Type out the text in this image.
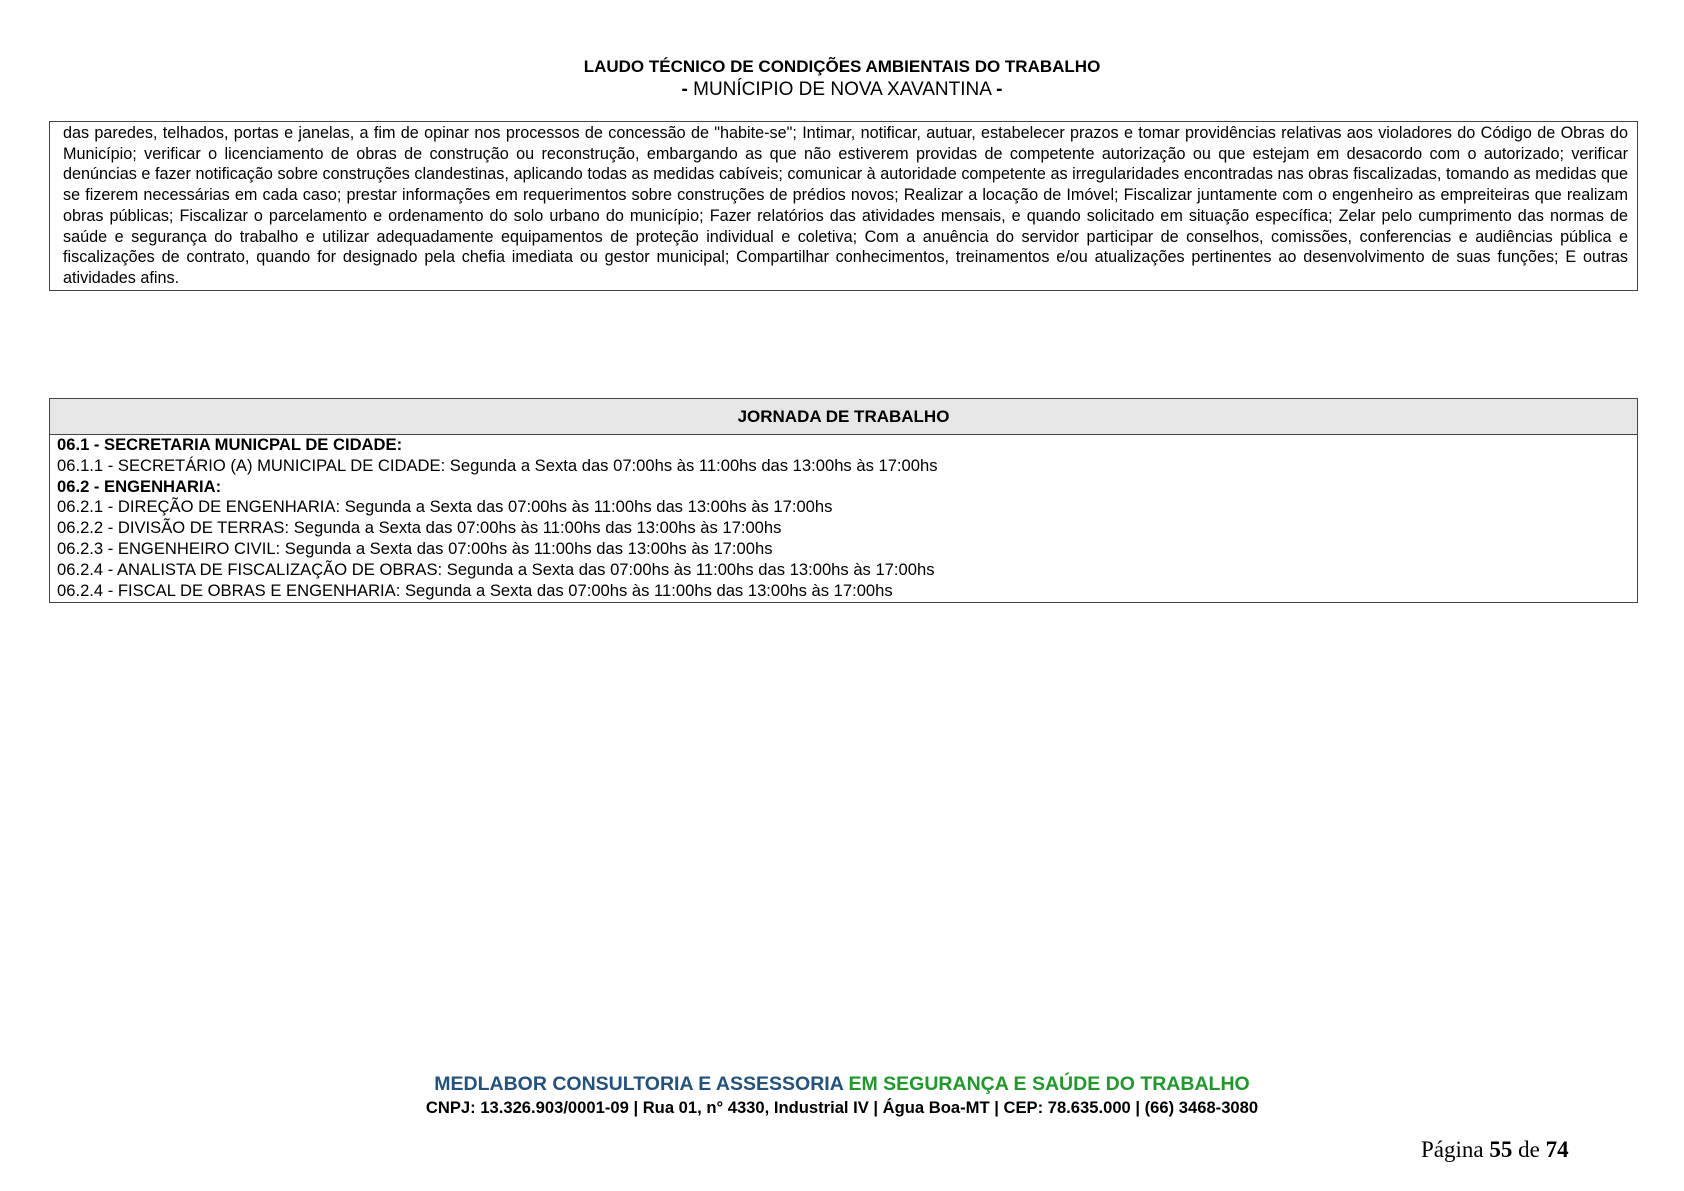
LAUDO TÉCNICO DE CONDIÇÕES AMBIENTAIS DO TRABALHO
- MUNÍCIPIO DE NOVA XAVANTINA -
das paredes, telhados, portas e janelas, a fim de opinar nos processos de concessão de "habite-se"; Intimar, notificar, autuar, estabelecer prazos e tomar providências relativas aos violadores do Código de Obras do Município; verificar o licenciamento de obras de construção ou reconstrução, embargando as que não estiverem providas de competente autorização ou que estejam em desacordo com o autorizado; verificar denúncias e fazer notificação sobre construções clandestinas, aplicando todas as medidas cabíveis; comunicar à autoridade competente as irregularidades encontradas nas obras fiscalizadas, tomando as medidas que se fizerem necessárias em cada caso; prestar informações em requerimentos sobre construções de prédios novos; Realizar a locação de Imóvel; Fiscalizar juntamente com o engenheiro as empreiteiras que realizam obras públicas; Fiscalizar o parcelamento e ordenamento do solo urbano do município; Fazer relatórios das atividades mensais, e quando solicitado em situação específica; Zelar pelo cumprimento das normas de saúde e segurança do trabalho e utilizar adequadamente equipamentos de proteção individual e coletiva; Com a anuência do servidor participar de conselhos, comissões, conferencias e audiências pública e fiscalizações de contrato, quando for designado pela chefia imediata ou gestor municipal; Compartilhar conhecimentos, treinamentos e/ou atualizações pertinentes ao desenvolvimento de suas funções; E outras atividades afins.
JORNADA DE TRABALHO
06.1 - SECRETARIA MUNICPAL DE CIDADE:
06.1.1 - SECRETÁRIO (A) MUNICIPAL DE CIDADE: Segunda a Sexta das 07:00hs às 11:00hs das 13:00hs às 17:00hs
06.2 - ENGENHARIA:
06.2.1 - DIREÇÃO DE ENGENHARIA: Segunda a Sexta das 07:00hs às 11:00hs das 13:00hs às 17:00hs
06.2.2 - DIVISÃO DE TERRAS: Segunda a Sexta das 07:00hs às 11:00hs das 13:00hs às 17:00hs
06.2.3 - ENGENHEIRO CIVIL: Segunda a Sexta das 07:00hs às 11:00hs das 13:00hs às 17:00hs
06.2.4 - ANALISTA DE FISCALIZAÇÃO DE OBRAS: Segunda a Sexta das 07:00hs às 11:00hs das 13:00hs às 17:00hs
06.2.4 - FISCAL DE OBRAS E ENGENHARIA: Segunda a Sexta das 07:00hs às 11:00hs das 13:00hs às 17:00hs
MEDLABOR CONSULTORIA E ASSESSORIA EM SEGURANÇA E SAÚDE DO TRABALHO
CNPJ: 13.326.903/0001-09 | Rua 01, n° 4330, Industrial IV | Água Boa-MT | CEP: 78.635.000 | (66) 3468-3080
Página 55 de 74
